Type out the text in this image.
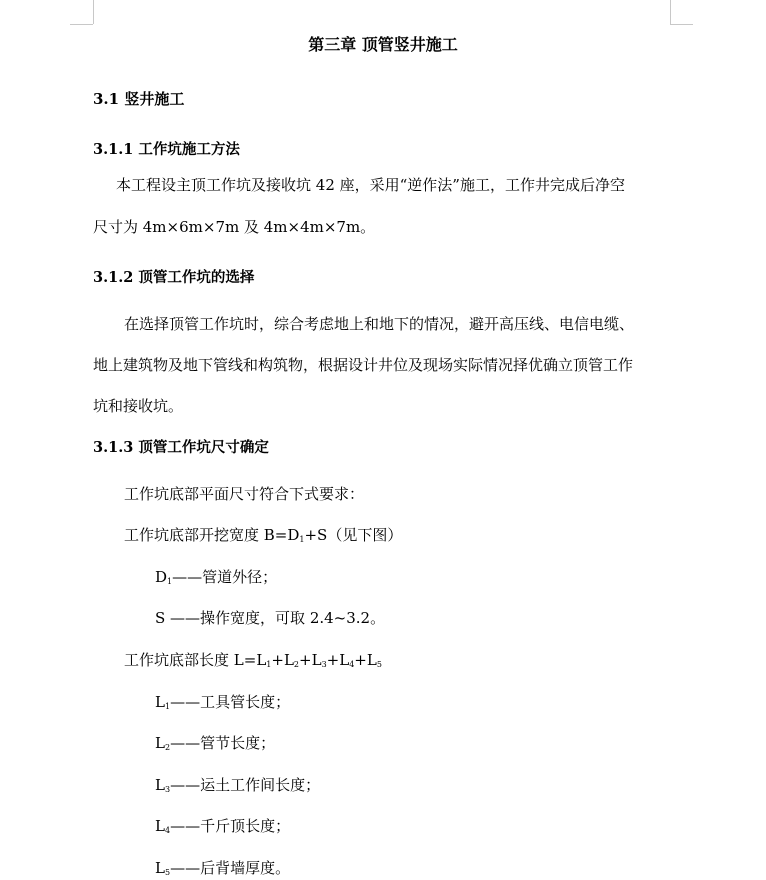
第三章 顶管竖井施工
3.1 竖井施工
3.1.1 工作坑施工方法
本工程设主顶工作坑及接收坑 42 座，采用“逆作法”施工，工作井完成后净空
尺寸为 4m×6m×7m 及 4m×4m×7m。
3.1.2 顶管工作坑的选择
在选择顶管工作坑时，综合考虑地上和地下的情况，避开高压线、电信电缆、
地上建筑物及地下管线和构筑物，根据设计井位及现场实际情况择优确立顶管工作
坑和接收坑。
3.1.3 顶管工作坑尺寸确定
工作坑底部平面尺寸符合下式要求：
工作坑底部开挖宽度 $B=D_1+S$（见下图）
$D_1——$管道外径；
S ——操作宽度，可取 2.4~3.2。
工作坑底部长度 $L=L_1+L_2+L_3+L_4+L_5$
$L_1——$工具管长度；
$L_2——$管节长度；
$L_3——$运土工作间长度；
$L_4——$千斤顶长度；
$L_5——$后背墙厚度。
